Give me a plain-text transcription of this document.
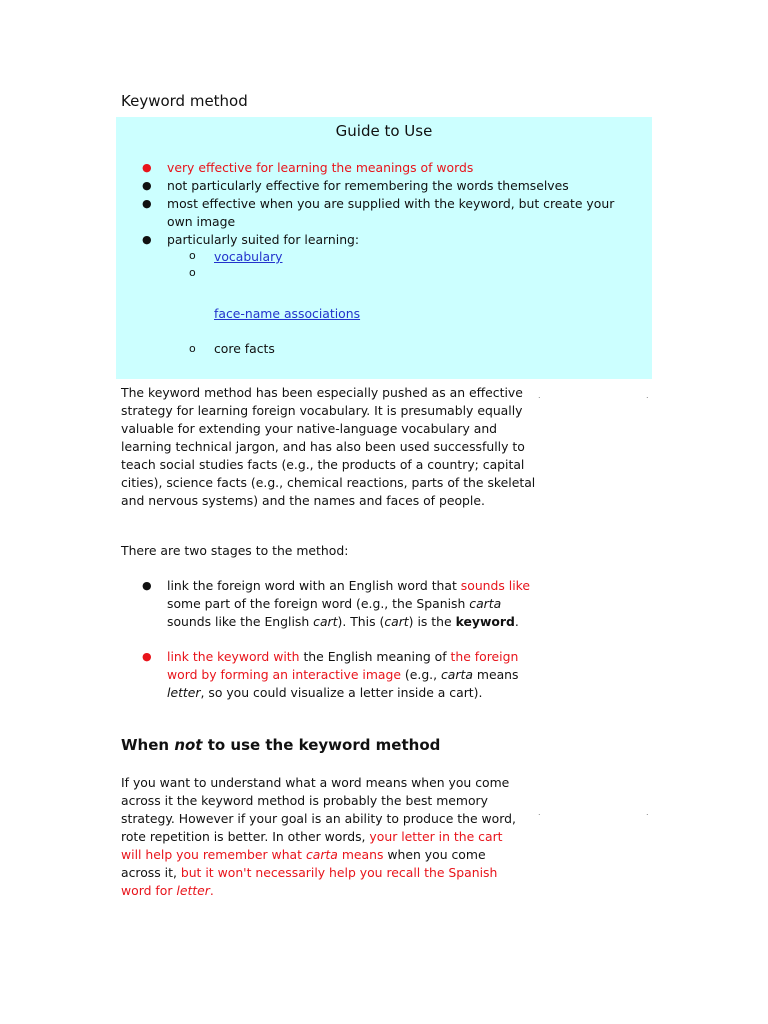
Keyword method
Guide to Use
● very effective for learning the meanings of words
● not particularly effective for remembering the words themselves
● most effective when you are supplied with the keyword, but create your own image
● particularly suited for learning:
o vocabulary
o
face-name associations
o core facts
The keyword method has been especially pushed as an effective strategy for learning foreign vocabulary. It is presumably equally valuable for extending your native-language vocabulary and learning technical jargon, and has also been used successfully to teach social studies facts (e.g., the products of a country; capital cities), science facts (e.g., chemical reactions, parts of the skeletal and nervous systems) and the names and faces of people.
.	.
There are two stages to the method:
● link the foreign word with an English word that sounds like some part of the foreign word (e.g., the Spanish carta sounds like the English cart). This (cart) is the keyword.
● link the keyword with the English meaning of the foreign word by forming an interactive image (e.g., carta means letter, so you could visualize a letter inside a cart).
When not to use the keyword method
If you want to understand what a word means when you come across it the keyword method is probably the best memory strategy. However if your goal is an ability to produce the word, rote repetition is better. In other words, your letter in the cart will help you remember what carta means when you come across it, but it won't necessarily help you recall the Spanish word for letter.
.	.
